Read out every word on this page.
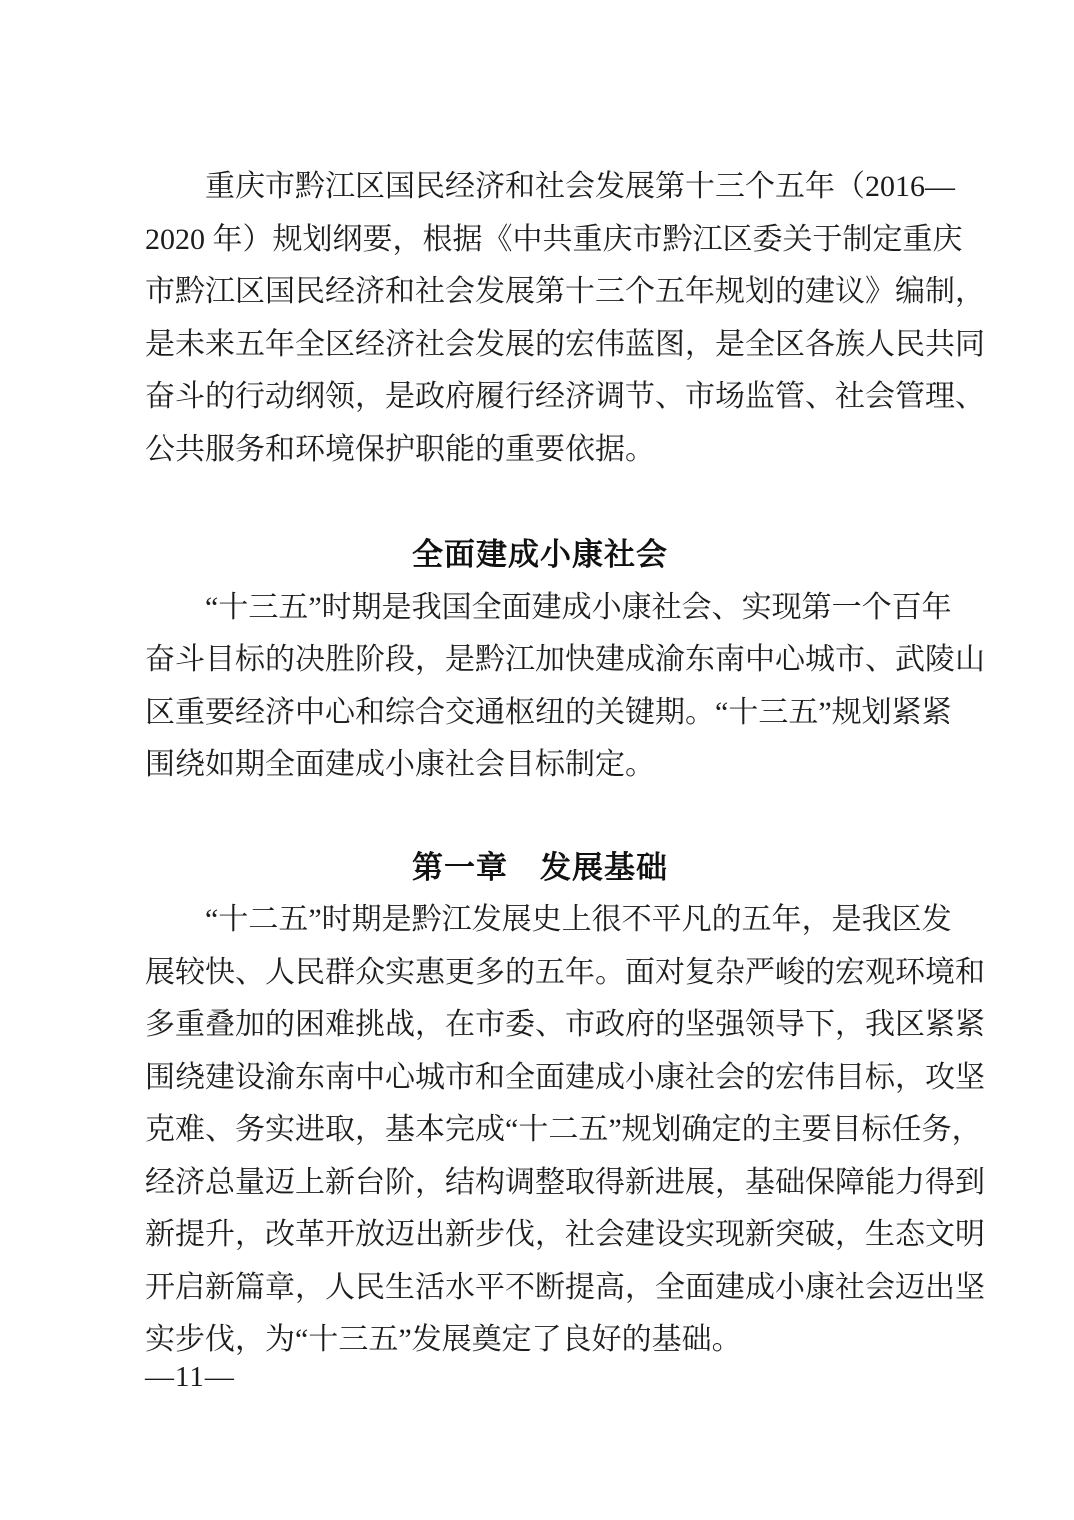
重庆市黔江区国民经济和社会发展第十三个五年（2016—
2020 年）规划纲要，根据《中共重庆市黔江区委关于制定重庆
市黔江区国民经济和社会发展第十三个五年规划的建议》编制，
是未来五年全区经济社会发展的宏伟蓝图，是全区各族人民共同
奋斗的行动纲领，是政府履行经济调节、市场监管、社会管理、
公共服务和环境保护职能的重要依据。
全面建成小康社会
“十三五”时期是我国全面建成小康社会、实现第一个百年
奋斗目标的决胜阶段，是黔江加快建成渝东南中心城市、武陵山
区重要经济中心和综合交通枢纽的关键期。“十三五”规划紧紧
围绕如期全面建成小康社会目标制定。
第一章　发展基础
“十二五”时期是黔江发展史上很不平凡的五年，是我区发
展较快、人民群众实惠更多的五年。面对复杂严峻的宏观环境和
多重叠加的困难挑战，在市委、市政府的坚强领导下，我区紧紧
围绕建设渝东南中心城市和全面建成小康社会的宏伟目标，攻坚
克难、务实进取，基本完成“十二五”规划确定的主要目标任务，
经济总量迈上新台阶，结构调整取得新进展，基础保障能力得到
新提升，改革开放迈出新步伐，社会建设实现新突破，生态文明
开启新篇章，人民生活水平不断提高，全面建成小康社会迈出坚
实步伐，为“十三五”发展奠定了良好的基础。
—11—
